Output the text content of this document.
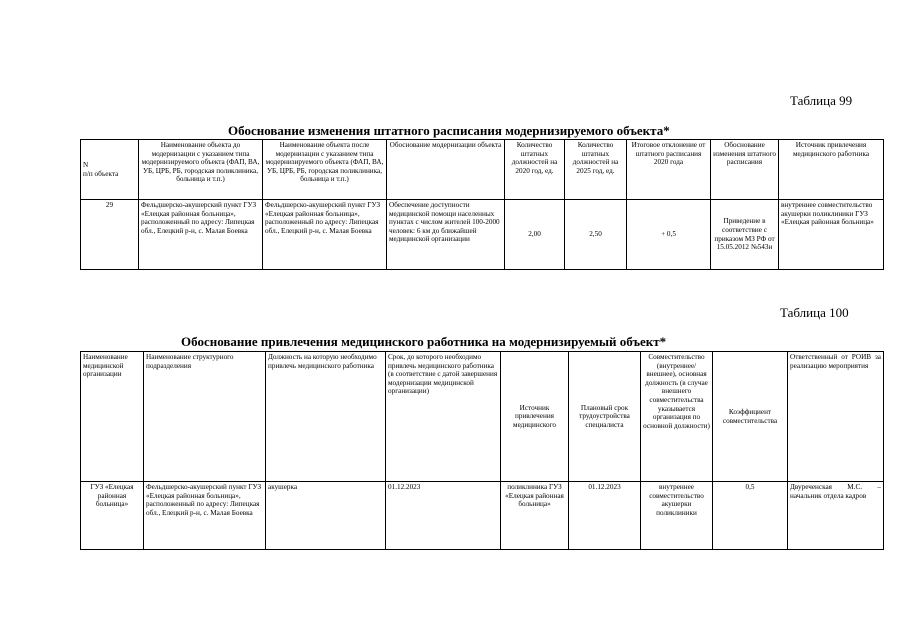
Таблица 99
Обоснование изменения штатного расписания модернизируемого объекта*
N
п/п объекта	Наименование объекта до модернизации с указанием типа модернизируемого объекта (ФАП, ВА, УБ, ЦРБ, РБ, городская поликлиника, больница и т.п.)	Наименование объекта после модернизации с указанием типа модернизируемого объекта (ФАП, ВА, УБ, ЦРБ, РБ, городская поликлиника, больница и т.п.)	Обоснование модернизации объекта	Количество штатных должностей на 2020 год, ед.	Количество штатных должностей на 2025 год, ед.	Итоговое отклонение от штатного расписания 2020 года	Обоснование изменения штатного расписания	Источник привлечения медицинского работника
29	Фельдшерско-акушерский пункт ГУЗ «Елецкая районная больница», расположенный по адресу: Липецкая обл., Елецкий р-н, с. Малая Боевка	Фельдшерско-акушерский пункт ГУЗ «Елецкая районная больница», расположенный по адресу: Липецкая обл., Елецкий р-н, с. Малая Боевка	Обеспечение доступности медицинской помощи населенных пунктах с числом жителей 100-2000 человек: 6 км до ближайшей медицинской организации	2,00	2,50	+ 0,5	Приведение в соответствие с приказом МЗ РФ от 15.05.2012 №543н	внутреннее совместительство акушерки поликлиники ГУЗ «Елецкая районная больница»
Таблица 100
Обоснование привлечения медицинского работника на модернизируемый объект*
Наименование медицинской организации	Наименование структурного подразделения	Должность на которую необходимо привлечь медицинского работника	Срок, до которого необходимо привлечь медицинского работника (в соответствие с датой завершения модернизации медицинской организации)	Источник привлечения медицинского	Плановый срок трудоустройства специалиста	Совместительство (внутреннее/внешнее), основная должность (в случае внешнего совместительства указывается организация по основной должности)	Коэффициент совместительства	Ответственный от РОИВ за реализацию мероприятия
ГУЗ «Елецкая районная больница»	Фельдшерско-акушерский пункт ГУЗ «Елецкая районная больница», расположенный по адресу: Липецкая обл., Елецкий р-н, с. Малая Боевка	акушерка	01.12.2023	поликлиника ГУЗ «Елецкая районная больница»	01.12.2023	внутреннее совместительство акушерки поликлиники	0,5	Двуреченская М.С. – начальник отдела кадров
